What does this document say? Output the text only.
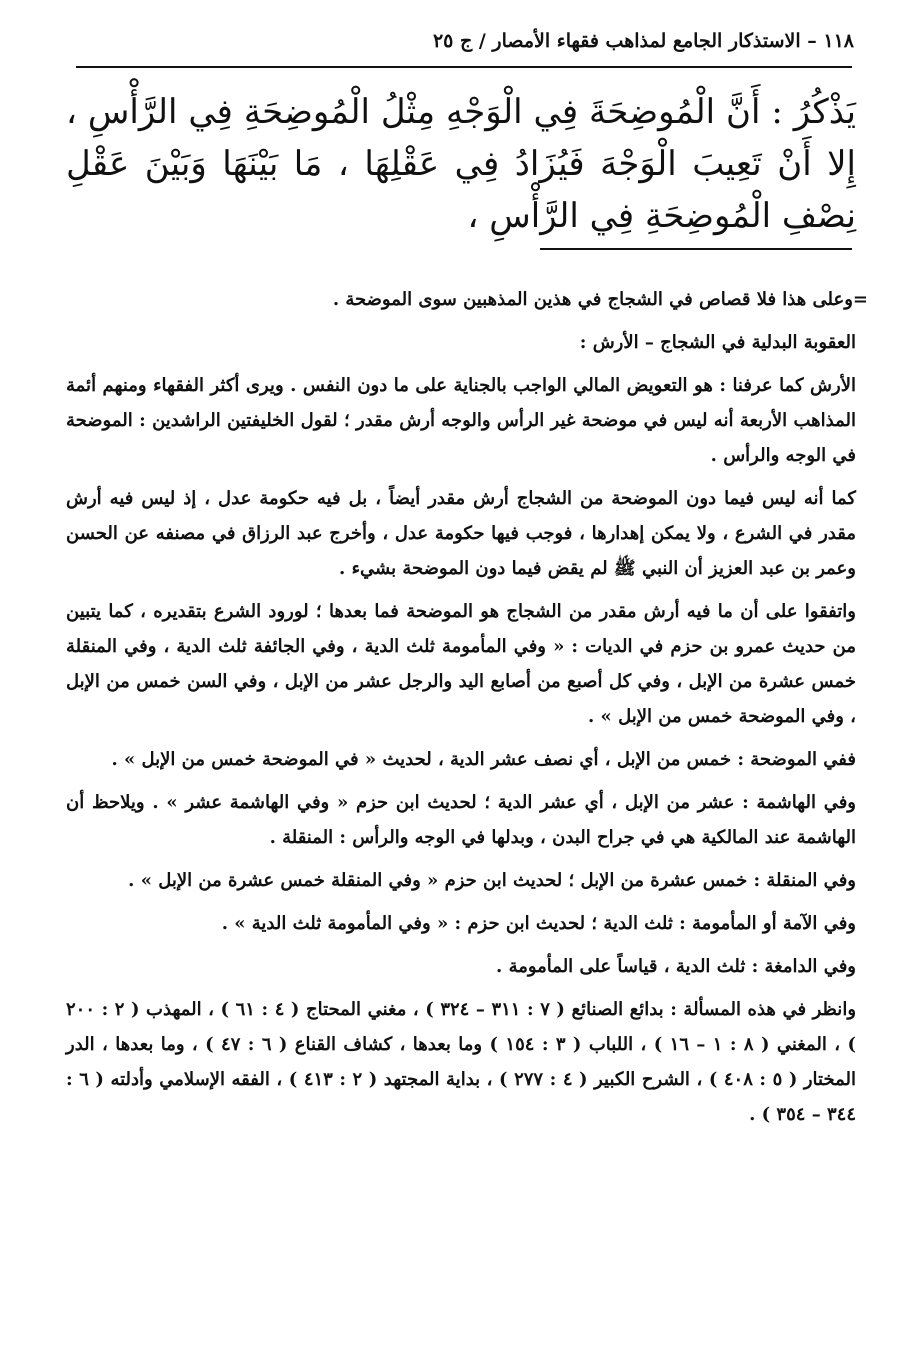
١١٨ – الاستذكار الجامع لمذاهب فقهاء الأمصار / ج ٢٥

يَذْكُرُ : أَنَّ الْمُوضِحَةَ فِي الْوَجْهِ مِثْلُ الْمُوضِحَةِ فِي الرَّأْسِ ، إِلا أَنْ تَعِيبَ الْوَجْهَ فَيُزَادُ فِي عَقْلِهَا ، مَا بَيْنَهَا وَبَيْنَ عَقْلِ نِصْفِ الْمُوضِحَةِ فِي الرَّأْسِ ،

=وعلى هذا فلا قصاص في الشجاج في هذين المذهبين سوى الموضحة .

العقوبة البدلية في الشجاج – الأرش :

الأرش كما عرفنا : هو التعويض المالي الواجب بالجناية على ما دون النفس . ويرى أكثر الفقهاء ومنهم أئمة المذاهب الأربعة أنه ليس في موضحة غير الرأس والوجه أرش مقدر ؛ لقول الخليفتين الراشدين : الموضحة في الوجه والرأس .

كما أنه ليس فيما دون الموضحة من الشجاج أرش مقدر أيضاً ، بل فيه حكومة عدل ، إذ ليس فيه أرش مقدر في الشرع ، ولا يمكن إهدارها ، فوجب فيها حكومة عدل ، وأخرج عبد الرزاق في مصنفه عن الحسن وعمر بن عبد العزيز أن النبي ﷺ لم يقض فيما دون الموضحة بشيء .

واتفقوا على أن ما فيه أرش مقدر من الشجاج هو الموضحة فما بعدها ؛ لورود الشرع بتقديره ، كما يتبين من حديث عمرو بن حزم في الديات : « وفي المأمومة ثلث الدية ، وفي الجائفة ثلث الدية ، وفي المنقلة خمس عشرة من الإبل ، وفي كل أصبع من أصابع اليد والرجل عشر من الإبل ، وفي السن خمس من الإبل ، وفي الموضحة خمس من الإبل » .

ففي الموضحة : خمس من الإبل ، أي نصف عشر الدية ، لحديث « في الموضحة خمس من الإبل » .

وفي الهاشمة : عشر من الإبل ، أي عشر الدية ؛ لحديث ابن حزم « وفي الهاشمة عشر » . ويلاحظ أن الهاشمة عند المالكية هي في جراح البدن ، وبدلها في الوجه والرأس : المنقلة .

وفي المنقلة : خمس عشرة من الإبل ؛ لحديث ابن حزم « وفي المنقلة خمس عشرة من الإبل » .

وفي الآمة أو المأمومة : ثلث الدية ؛ لحديث ابن حزم : « وفي المأمومة ثلث الدية » .

وفي الدامغة : ثلث الدية ، قياساً على المأمومة .

وانظر في هذه المسألة : بدائع الصنائع ( ٧ : ٣١١ – ٣٢٤ ) ، مغني المحتاج ( ٤ : ٦١ ) ، المهذب ( ٢ : ٢٠٠ ) ، المغني ( ٨ : ١ – ١٦ ) ، اللباب ( ٣ : ١٥٤ ) وما بعدها ، كشاف القناع ( ٦ : ٤٧ ) ، وما بعدها ، الدر المختار ( ٥ : ٤٠٨ ) ، الشرح الكبير ( ٤ : ٢٧٧ ) ، بداية المجتهد ( ٢ : ٤١٣ ) ، الفقه الإسلامي وأدلته ( ٦ : ٣٤٤ – ٣٥٤ ) .
